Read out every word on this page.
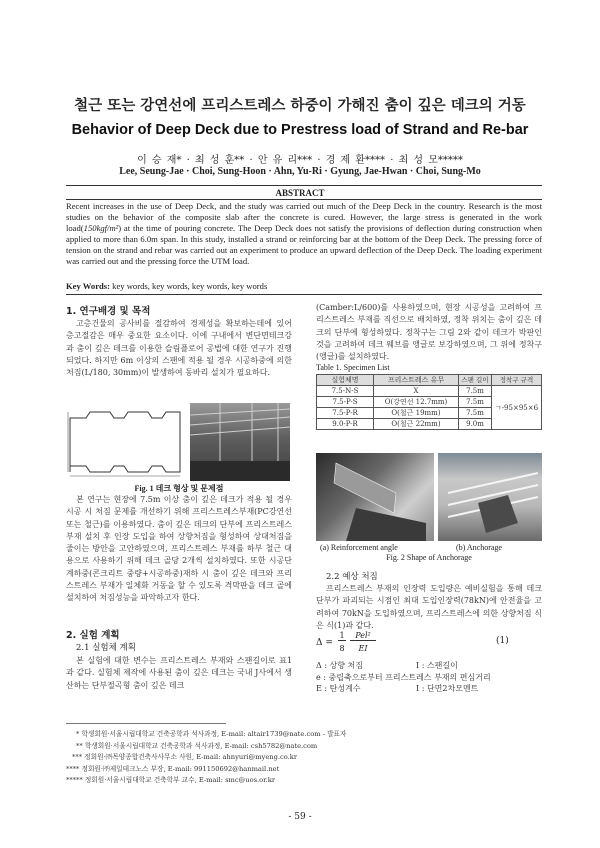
철근 또는 강연선에 프리스트레스 하중이 가해진 춤이 깊은 데크의 거동
Behavior of Deep Deck due to Prestress load of Strand and Re-bar
이 승 재* · 최 성 훈** · 안 유 리*** · 경 제 환**** · 최 성 모*****
Lee, Seung-Jae · Choi, Sung-Hoon · Ahn, Yu-Ri · Gyung, Jae-Hwan · Choi, Sung-Mo
ABSTRACT
Recent increases in the use of Deep Deck, and the study was carried out much of the Deep Deck in the country. Research is the most studies on the behavior of the composite slab after the concrete is cured. However, the large stress is generated in the work load(150kgf/m²) at the time of pouring concrete. The Deep Deck does not satisfy the provisions of deflection during construction when applied to more than 6.0m span. In this study, installed a strand or reinforcing bar at the bottom of the Deep Deck. The pressing force of tension on the strand and rebar was carried out an experiment to produce an upward deflection of the Deep Deck. The loading experiment was carried out and the pressing force the UTM load.
Key Words: key words, key words, key words, key words
1. 연구배경 및 목적
고층건물의 공사비를 절감하여 경제성을 확보하는데에 있어 층고절감은 매우 중요한 요소이다. 이에 구내에서 변단면테크강과 춤이 깊은 데크를 이용한 슬림플로어 공법에 대한 연구가 진행되었다. 하지만 6m 이상의 스팬에 적용 될 경우 시공하중에 의한 처짐(L/180, 30mm)이 발생하여 동바리 설치가 필요하다.
Fig. 1 데크 형상 및 문제점
본 연구는 현장에 7.5m 이상 춤이 깊은 데크가 적용 될 경우 시공 시 처짐 문제를 개선하기 위해 프리스트레스부재(PC강연선 또는 철근)를 이용하였다. 춤이 깊은 데크의 단부에 프리스트레스 부재 설치 후 인장 도입을 하여 상향처짐을 형성하여 상대처짐을 줄이는 방안을 고안하였으며, 프리스트레스 부재를 하부 철근 대용으로 사용하기 위해 데크 골당 2개씩 설치하였다. 또한 시공단계하중(콘크리트 중량+시공하중)재하 시 춤이 깊은 데크와 프리스트레스 부재가 일체화 거동을 할 수 있도록 격막판을 데크 골에 설치하여 처짐성능을 파악하고자 한다.
2. 실험 계획
2.1 실험체 계획
본 실험에 대한 변수는 프리스트레스 부재와 스팬길이로 표1과 같다. 실험체 제작에 사용된 춤이 깊은 데크는 국내 J사에서 생산하는 단부절곡형 춤이 깊은 데크
(Camber:L/600)를 사용하였으며, 현장 시공성을 고려하여 프리스트레스 부재를 직선으로 배치하였, 정착 위치는 춤이 깊은 데크의 단부에 형성하였다. 정착구는 그림 2와 같이 데크가 박판인 것을 고려하여 데크 웨브를 앵글로 보강하였으며, 그 위에 정착구(앵글)를 설치하였다.
Table 1. Specimen List
실험체명	프리스트레스 유무	스팬 길이	정착구 규격
7.5-N-S	X	7.5m	ㄱ-95×95×6
7.5-P-S	O(강연선 12.7mm)	7.5m	
7.5-P-R	O(철근 19mm)	7.5m	
9.0-P-R	O(철근 22mm)	9.0m	
(a) Reinforcement angle	(b) Anchorage
Fig. 2 Shape of Anchorage
2.2 예상 처짐
프리스트레스 부재의 인장력 도입량은 예비실험을 통해 데크 단부가 파괴되는 시점인 최대 도입인장력(78kN)에 안전율을 고려하여 70kN을 도입하였으며, 프리스트레스에 의한 상향처짐 식은 식(1)과 같다.
Δ =
1
8
Pel²
EI
(1)
Δ : 상향 처짐	I : 스팬길이
e : 중립축으로부터 프리스트레스 부재의 편심거리
E : 탄성계수	I : 단면2차모멘트
* 학생회원·서울시립대학교 건축공학과 석사과정, E-mail: altair1739@nate.com - 발표자
** 학생회원·서울시립대학교 건축공학과 석사과정, E-mail: csh5782@nate.com
*** 정회원·㈜목양종합건축사사무소 사원, E-mail: ahnyuri@myeng.co.kr
**** 정회원·㈜제일테크노스 부장, E-mail: 991150692@hanmail.net
***** 정회원·서울시립대학교 건축학부 교수, E-mail: smc@uos.or.kr
- 59 -
